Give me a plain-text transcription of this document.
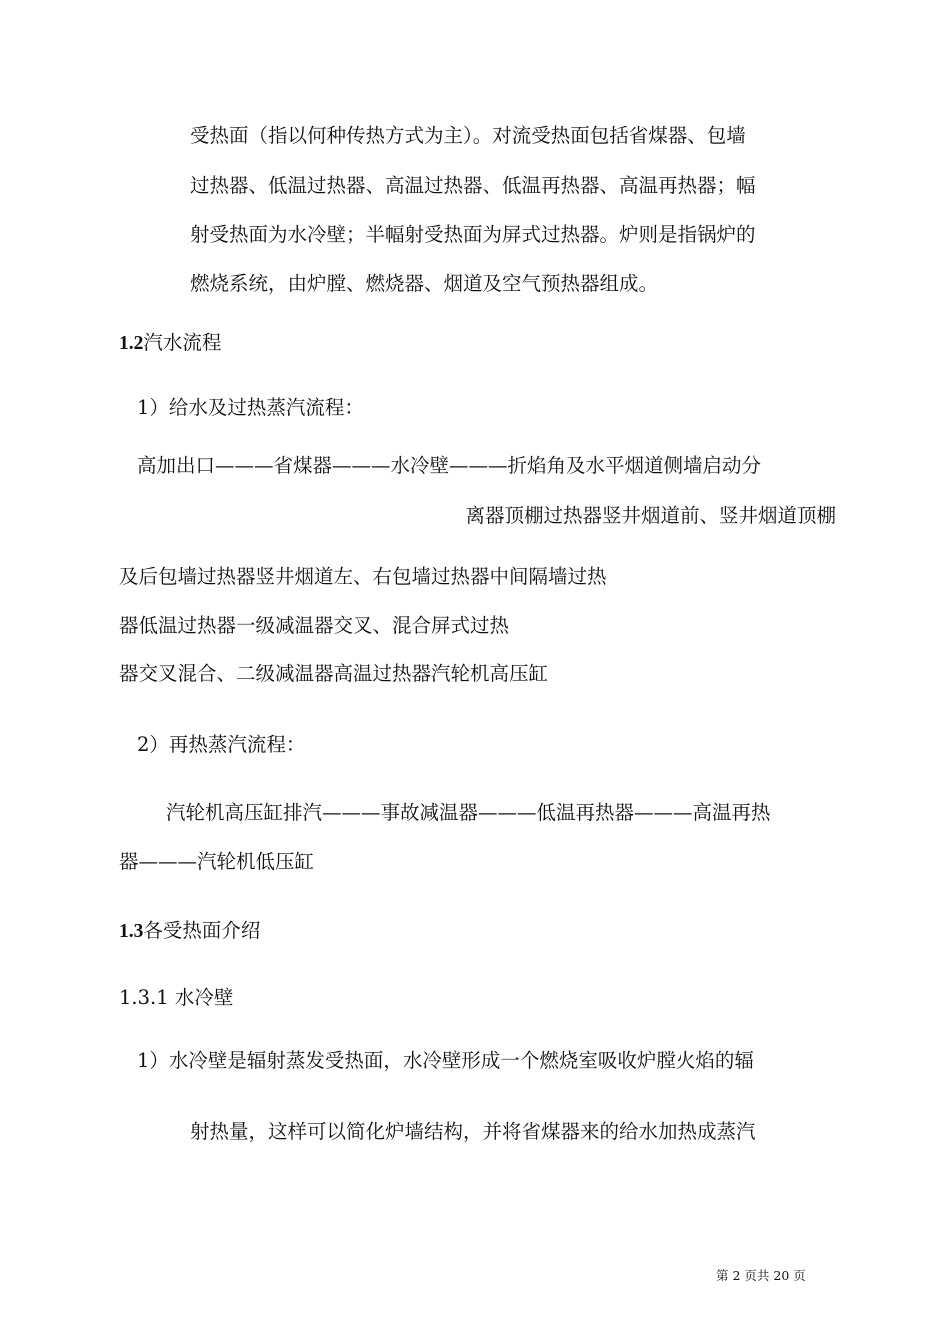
受热面（指以何种传热方式为主）。对流受热面包括省煤器、包墙
过热器、低温过热器、高温过热器、低温再热器、高温再热器；幅
射受热面为水冷壁；半幅射受热面为屏式过热器。炉则是指锅炉的
燃烧系统，由炉膛、燃烧器、烟道及空气预热器组成。
1.2汽水流程
1）给水及过热蒸汽流程：
高加出口———省煤器———水冷壁———折焰角及水平烟道侧墙启动分
离器顶棚过热器竖井烟道前、竖井烟道顶棚
及后包墙过热器竖井烟道左、右包墙过热器中间隔墙过热
器低温过热器一级减温器交叉、混合屏式过热
器交叉混合、二级减温器高温过热器汽轮机高压缸
2）再热蒸汽流程：
汽轮机高压缸排汽———事故减温器———低温再热器———高温再热
器———汽轮机低压缸
1.3各受热面介绍
1.3.1 水冷壁
1）水冷壁是辐射蒸发受热面，水冷壁形成一个燃烧室吸收炉膛火焰的辐
射热量，这样可以简化炉墙结构，并将省煤器来的给水加热成蒸汽
第 2 页共 20 页
